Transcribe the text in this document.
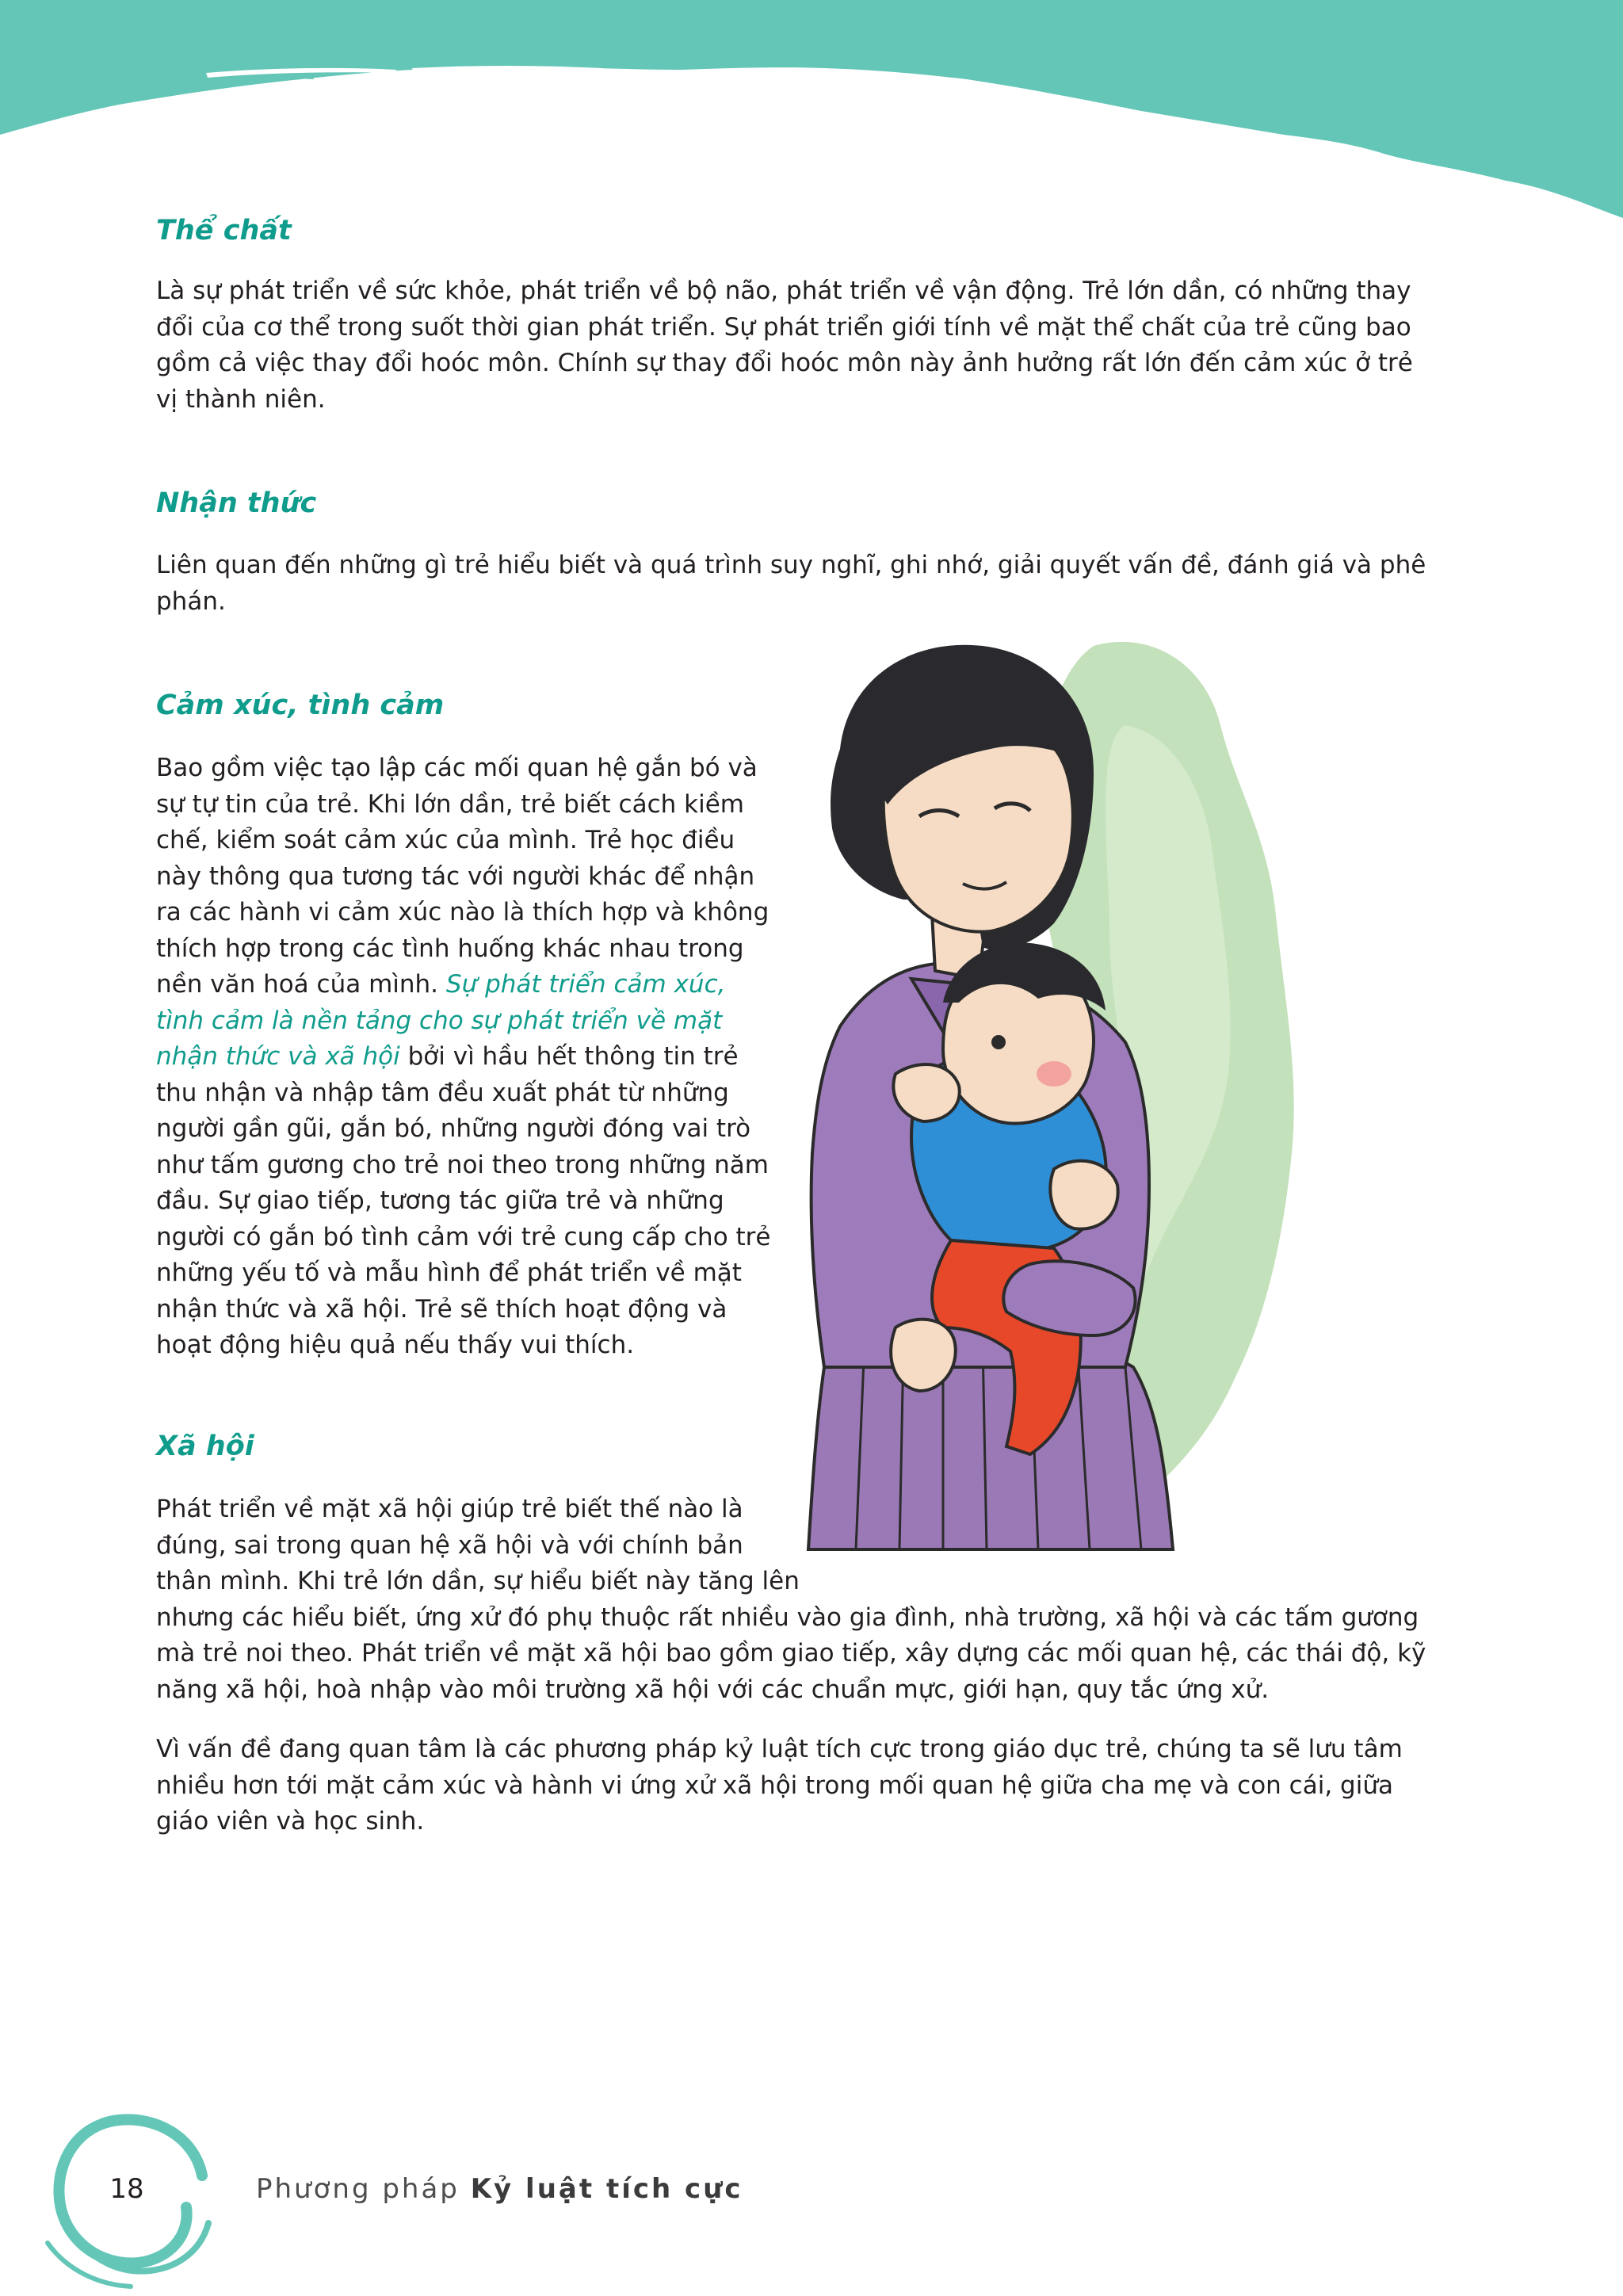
Thể chất

Là sự phát triển về sức khỏe, phát triển về bộ não, phát triển về vận động. Trẻ lớn dần, có những thay đổi của cơ thể trong suốt thời gian phát triển. Sự phát triển giới tính về mặt thể chất của trẻ cũng bao gồm cả việc thay đổi hoóc môn. Chính sự thay đổi hoóc môn này ảnh hưởng rất lớn đến cảm xúc ở trẻ vị thành niên.

Nhận thức

Liên quan đến những gì trẻ hiểu biết và quá trình suy nghĩ, ghi nhớ, giải quyết vấn đề, đánh giá và phê phán.

Cảm xúc, tình cảm

Bao gồm việc tạo lập các mối quan hệ gắn bó và sự tự tin của trẻ. Khi lớn dần, trẻ biết cách kiềm chế, kiểm soát cảm xúc của mình. Trẻ học điều này thông qua tương tác với người khác để nhận ra các hành vi cảm xúc nào là thích hợp và không thích hợp trong các tình huống khác nhau trong nền văn hoá của mình. Sự phát triển cảm xúc, tình cảm là nền tảng cho sự phát triển về mặt nhận thức và xã hội bởi vì hầu hết thông tin trẻ thu nhận và nhập tâm đều xuất phát từ những người gần gũi, gắn bó, những người đóng vai trò như tấm gương cho trẻ noi theo trong những năm đầu. Sự giao tiếp, tương tác giữa trẻ và những người có gắn bó tình cảm với trẻ cung cấp cho trẻ những yếu tố và mẫu hình để phát triển về mặt nhận thức và xã hội. Trẻ sẽ thích hoạt động và hoạt động hiệu quả nếu thấy vui thích.

Xã hội

Phát triển về mặt xã hội giúp trẻ biết thế nào là
đúng, sai trong quan hệ xã hội và với chính bản
thân mình. Khi trẻ lớn dần, sự hiểu biết này tăng lên
nhưng các hiểu biết, ứng xử đó phụ thuộc rất nhiều vào gia đình, nhà trường, xã hội và các tấm gương mà trẻ noi theo. Phát triển về mặt xã hội bao gồm giao tiếp, xây dựng các mối quan hệ, các thái độ, kỹ năng xã hội, hoà nhập vào môi trường xã hội với các chuẩn mực, giới hạn, quy tắc ứng xử.

Vì vấn đề đang quan tâm là các phương pháp kỷ luật tích cực trong giáo dục trẻ, chúng ta sẽ lưu tâm nhiều hơn tới mặt cảm xúc và hành vi ứng xử xã hội trong mối quan hệ giữa cha mẹ và con cái, giữa giáo viên và học sinh.

18	Phương pháp Kỷ luật tích cực
